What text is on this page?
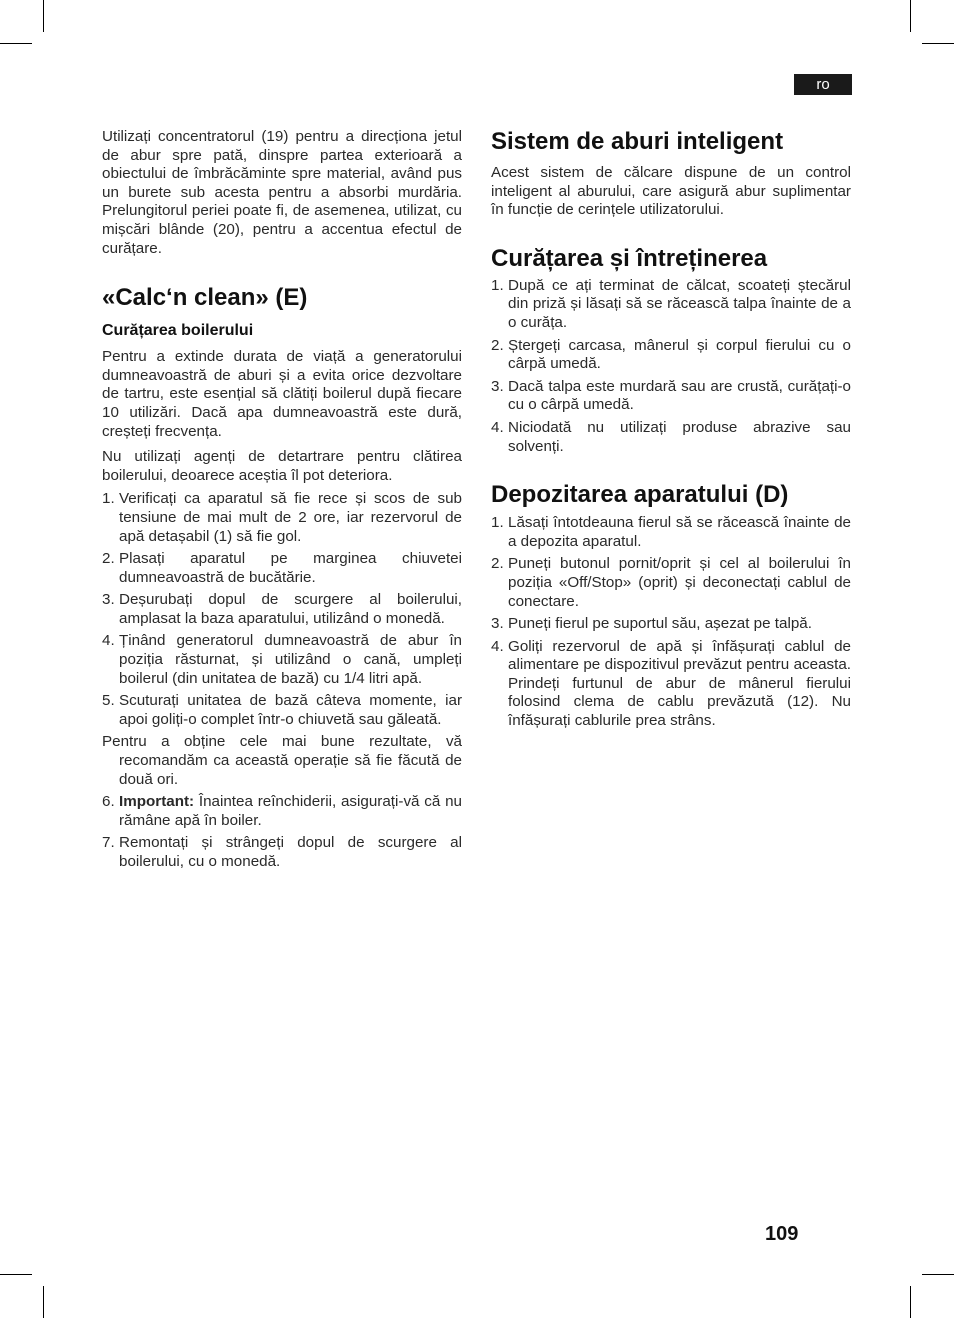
ro

Utilizați concentratorul (19) pentru a direcționa jetul de abur spre pată, dinspre partea exterioară a obiectului de îmbrăcăminte spre material, având pus un burete sub acesta pentru a absorbi murdăria. Prelungitorul periei poate fi, de asemenea, utilizat, cu mișcări blânde (20), pentru a accentua efectul de curățare.

«Calc‘n clean» (E)
Curățarea boilerului

Pentru a extinde durata de viață a generatorului dumneavoastră de aburi și a evita orice dezvoltare de tartru, este esențial să clătiți boilerul după fiecare 10 utilizări. Dacă apa dumneavoastră este dură, creșteți frecvența.

Nu utilizați agenți de detartrare pentru clătirea boilerului, deoarece aceștia îl pot deteriora.

1. Verificați ca aparatul să fie rece și scos de sub tensiune de mai mult de 2 ore, iar rezervorul de apă detașabil (1) să fie gol.
2. Plasați aparatul pe marginea chiuvetei dumneavoastră de bucătărie.
3. Deșurubați dopul de scurgere al boilerului, amplasat la baza aparatului, utilizând o monedă.
4. Ținând generatorul dumneavoastră de abur în poziția răsturnat, și utilizând o cană, umpleți boilerul (din unitatea de bază) cu 1/4 litri apă.
5. Scuturați unitatea de bază câteva momente, iar apoi goliți-o complet într-o chiuvetă sau găleată.

Pentru a obține cele mai bune rezultate, vă recomandăm ca această operație să fie făcută de două ori.

6. Important: Înaintea reînchiderii, asigurați-vă că nu rămâne apă în boiler.
7. Remontați și strângeți dopul de scurgere al boilerului, cu o monedă.
Sistem de aburi inteligent

Acest sistem de călcare dispune de un control inteligent al aburului, care asigură abur suplimentar în funcție de cerințele utilizatorului.

Curățarea și întreținerea
1. După ce ați terminat de călcat, scoateți ștecărul din priză și lăsați să se răcească talpa înainte de a o curăța.
2. Ștergeți carcasa, mânerul și corpul fierului cu o cârpă umedă.
3. Dacă talpa este murdară sau are crustă, curățați-o cu o cârpă umedă.
4. Niciodată nu utilizați produse abrazive sau solvenți.
Depozitarea aparatului (D)
1. Lăsați întotdeauna fierul să se răcească înainte de a depozita aparatul.
2. Puneți butonul pornit/oprit și cel al boilerului în poziția «Off/Stop» (oprit) și deconectați cablul de conectare.
3. Puneți fierul pe suportul său, așezat pe talpă.
4. Goliți rezervorul de apă și înfășurați cablul de alimentare pe dispozitivul prevăzut pentru aceasta. Prindeți furtunul de abur de mânerul fierului folosind clema de cablu prevăzută (12). Nu înfășurați cablurile prea strâns.
109
